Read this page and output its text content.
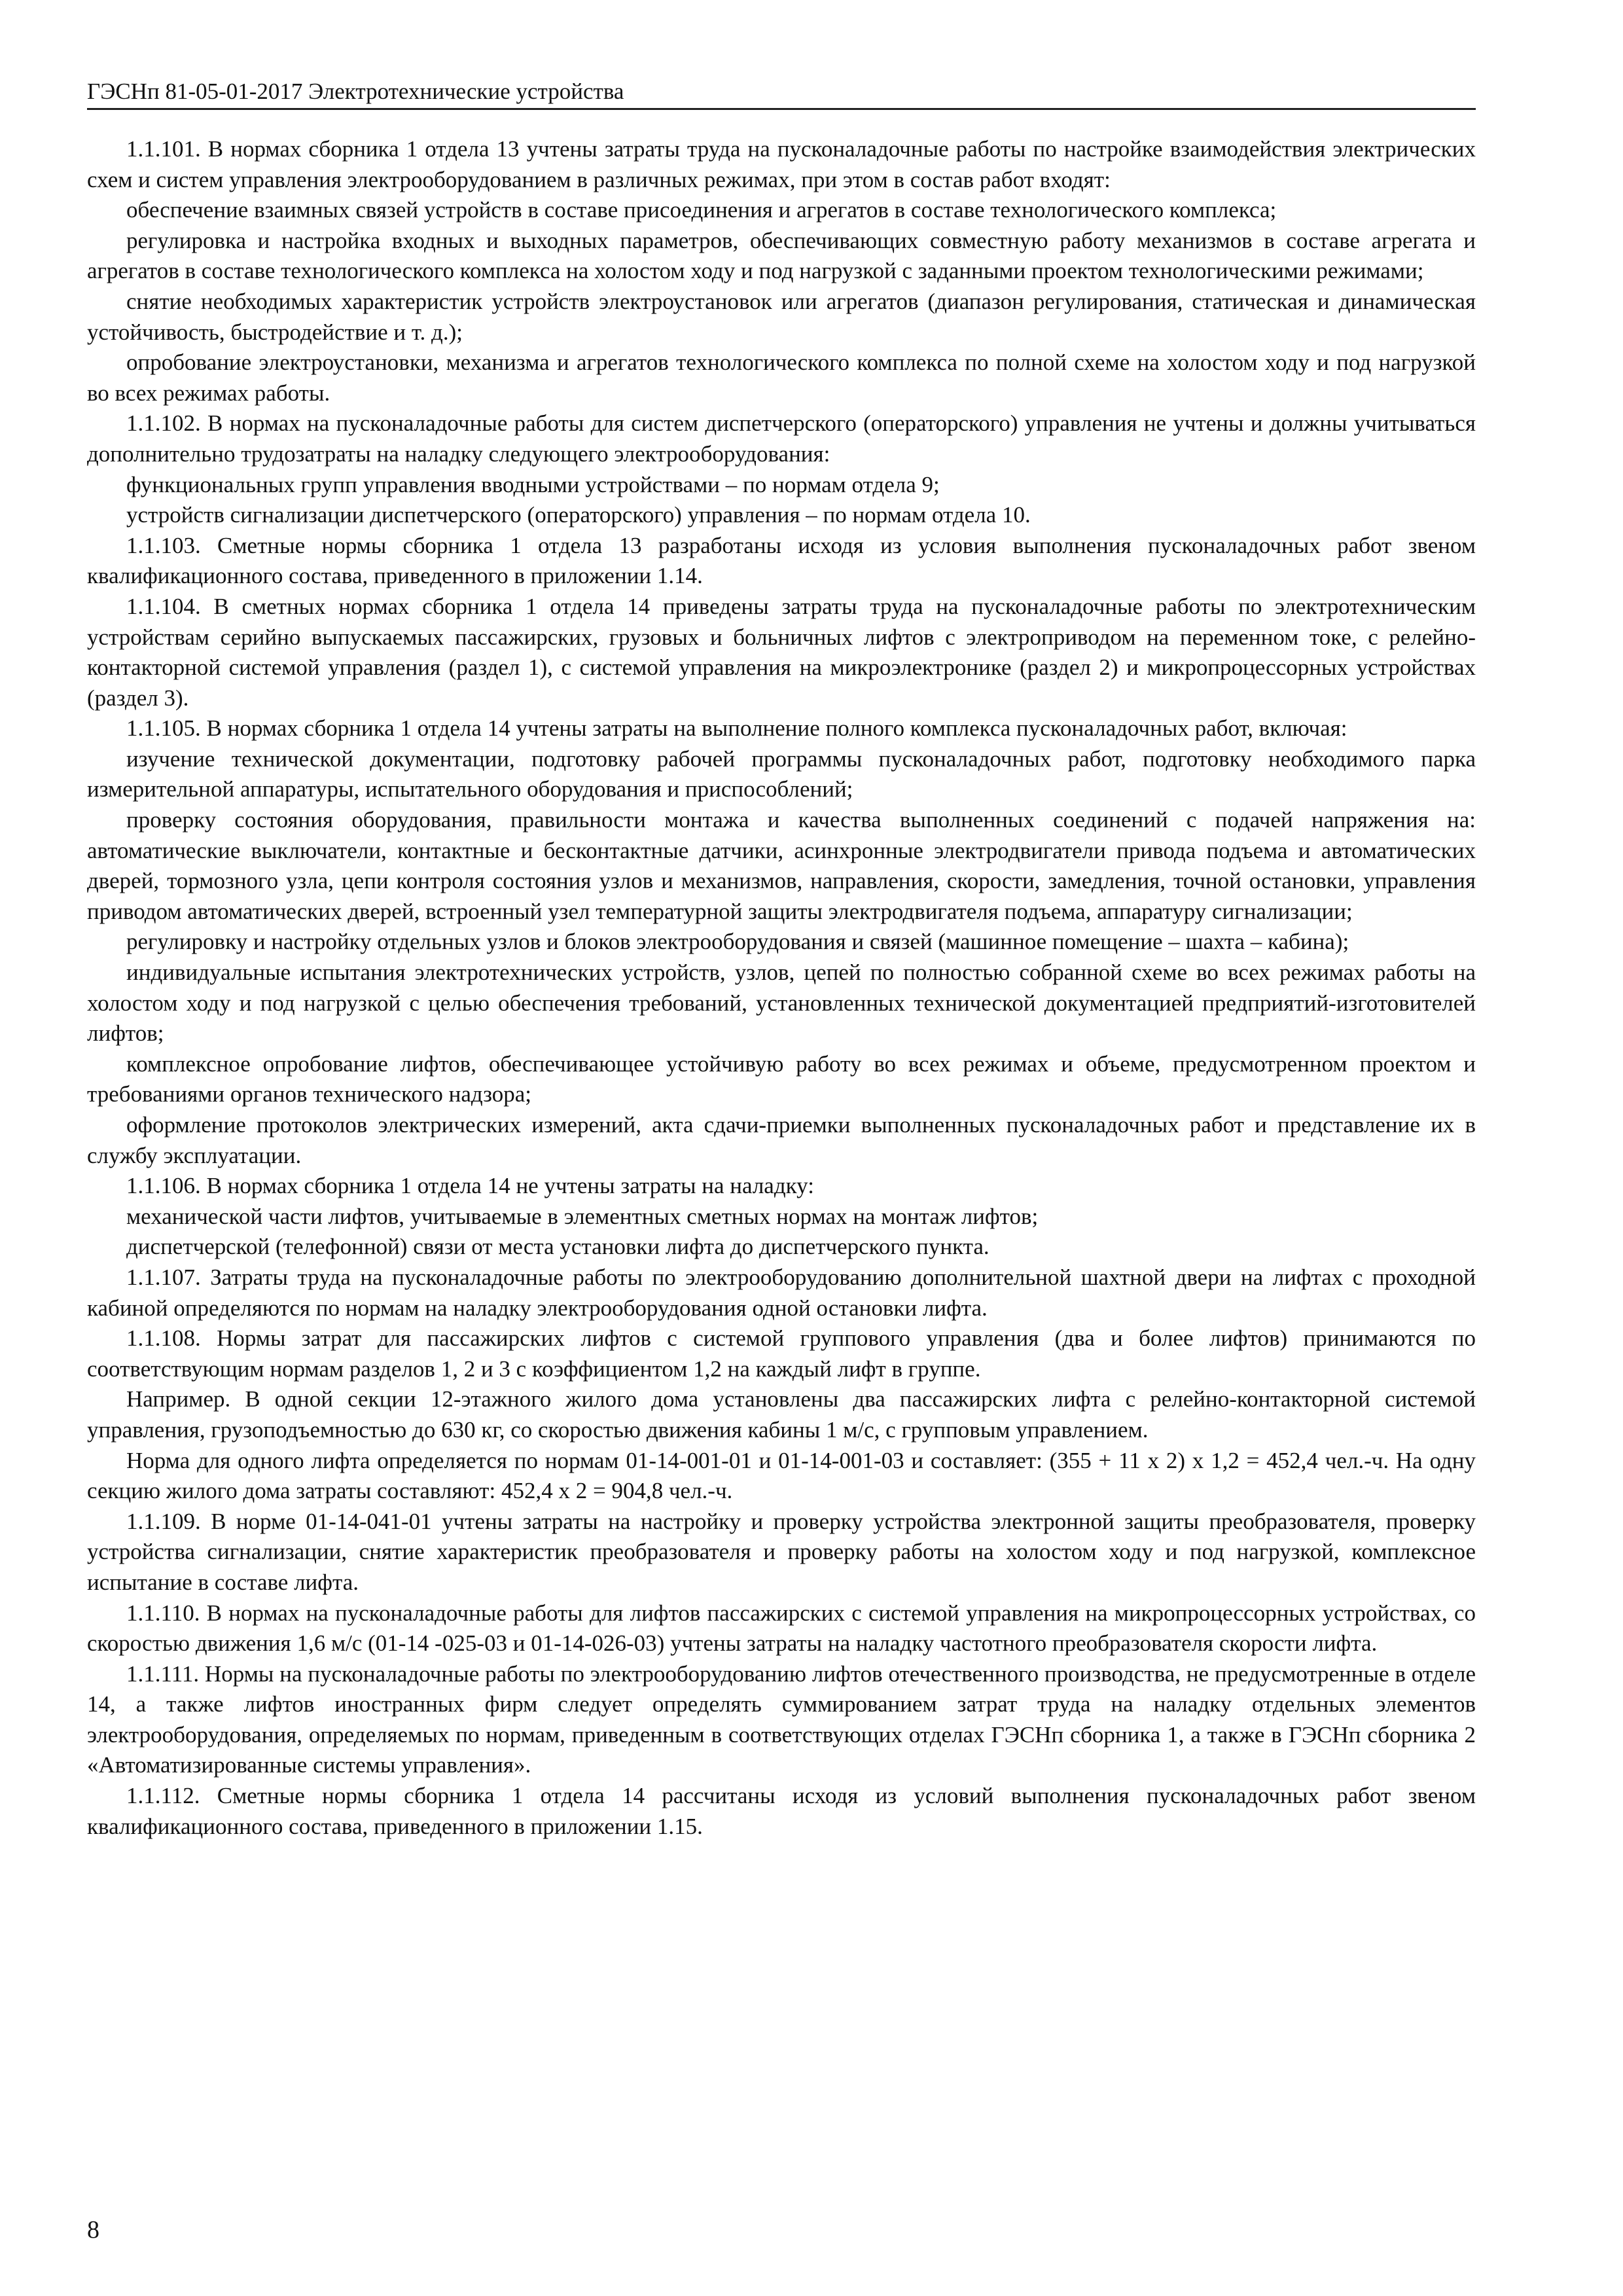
ГЭСНп 81-05-01-2017 Электротехнические устройства

1.1.101. В нормах сборника 1 отдела 13 учтены затраты труда на пусконаладочные работы по настройке взаимодействия электрических схем и систем управления электрооборудованием в различных режимах, при этом в состав работ входят:

обеспечение взаимных связей устройств в составе присоединения и агрегатов в составе технологического комплекса;

регулировка и настройка входных и выходных параметров, обеспечивающих совместную работу механизмов в составе агрегата и агрегатов в составе технологического комплекса на холостом ходу и под нагрузкой с заданными проектом технологическими режимами;

снятие необходимых характеристик устройств электроустановок или агрегатов (диапазон регулирования, статическая и динамическая устойчивость, быстродействие и т. д.);

опробование электроустановки, механизма и агрегатов технологического комплекса по полной схеме на холостом ходу и под нагрузкой во всех режимах работы.

1.1.102. В нормах на пусконаладочные работы для систем диспетчерского (операторского) управления не учтены и должны учитываться дополнительно трудозатраты на наладку следующего электрооборудования:

функциональных групп управления вводными устройствами – по нормам отдела 9;

устройств сигнализации диспетчерского (операторского) управления – по нормам отдела 10.

1.1.103. Сметные нормы сборника 1 отдела 13 разработаны исходя из условия выполнения пусконаладочных работ звеном квалификационного состава, приведенного в приложении 1.14.

1.1.104. В сметных нормах сборника 1 отдела 14 приведены затраты труда на пусконаладочные работы по электротехническим устройствам серийно выпускаемых пассажирских, грузовых и больничных лифтов с электроприводом на переменном токе, с релейно-контакторной системой управления (раздел 1), с системой управления на микроэлектронике (раздел 2) и микропроцессорных устройствах (раздел 3).

1.1.105. В нормах сборника 1 отдела 14 учтены затраты на выполнение полного комплекса пусконаладочных работ, включая:

изучение технической документации, подготовку рабочей программы пусконаладочных работ, подготовку необходимого парка измерительной аппаратуры, испытательного оборудования и приспособлений;

проверку состояния оборудования, правильности монтажа и качества выполненных соединений с подачей напряжения на: автоматические выключатели, контактные и бесконтактные датчики, асинхронные электродвигатели привода подъема и автоматических дверей, тормозного узла, цепи контроля состояния узлов и механизмов, направления, скорости, замедления, точной остановки, управления приводом автоматических дверей, встроенный узел температурной защиты электродвигателя подъема, аппаратуру сигнализации;

регулировку и настройку отдельных узлов и блоков электрооборудования и связей (машинное помещение – шахта – кабина);

индивидуальные испытания электротехнических устройств, узлов, цепей по полностью собранной схеме во всех режимах работы на холостом ходу и под нагрузкой с целью обеспечения требований, установленных технической документацией предприятий-изготовителей лифтов;

комплексное опробование лифтов, обеспечивающее устойчивую работу во всех режимах и объеме, предусмотренном проектом и требованиями органов технического надзора;

оформление протоколов электрических измерений, акта сдачи-приемки выполненных пусконаладочных работ и представление их в службу эксплуатации.

1.1.106. В нормах сборника 1 отдела 14 не учтены затраты на наладку:

механической части лифтов, учитываемые в элементных сметных нормах на монтаж лифтов;

диспетчерской (телефонной) связи от места установки лифта до диспетчерского пункта.

1.1.107. Затраты труда на пусконаладочные работы по электрооборудованию дополнительной шахтной двери на лифтах с проходной кабиной определяются по нормам на наладку электрооборудования одной остановки лифта.

1.1.108. Нормы затрат для пассажирских лифтов с системой группового управления (два и более лифтов) принимаются по соответствующим нормам разделов 1, 2 и 3 с коэффициентом 1,2 на каждый лифт в группе.

Например. В одной секции 12-этажного жилого дома установлены два пассажирских лифта с релейно-контакторной системой управления, грузоподъемностью до 630 кг, со скоростью движения кабины 1 м/с, с групповым управлением.

Норма для одного лифта определяется по нормам 01-14-001-01 и 01-14-001-03 и составляет: (355 + 11 x 2) x 1,2 = 452,4 чел.-ч. На одну секцию жилого дома затраты составляют: 452,4 x 2 = 904,8 чел.-ч.

1.1.109. В норме 01-14-041-01 учтены затраты на настройку и проверку устройства электронной защиты преобразователя, проверку устройства сигнализации, снятие характеристик преобразователя и проверку работы на холостом ходу и под нагрузкой, комплексное испытание в составе лифта.

1.1.110. В нормах на пусконаладочные работы для лифтов пассажирских с системой управления на микропроцессорных устройствах, со скоростью движения 1,6 м/с (01-14 -025-03 и 01-14-026-03) учтены затраты на наладку частотного преобразователя скорости лифта.

1.1.111. Нормы на пусконаладочные работы по электрооборудованию лифтов отечественного производства, не предусмотренные в отделе 14, а также лифтов иностранных фирм следует определять суммированием затрат труда на наладку отдельных элементов электрооборудования, определяемых по нормам, приведенным в соответствующих отделах ГЭСНп сборника 1, а также в ГЭСНп сборника 2 «Автоматизированные системы управления».

1.1.112. Сметные нормы сборника 1 отдела 14 рассчитаны исходя из условий выполнения пусконаладочных работ звеном квалификационного состава, приведенного в приложении 1.15.

8
